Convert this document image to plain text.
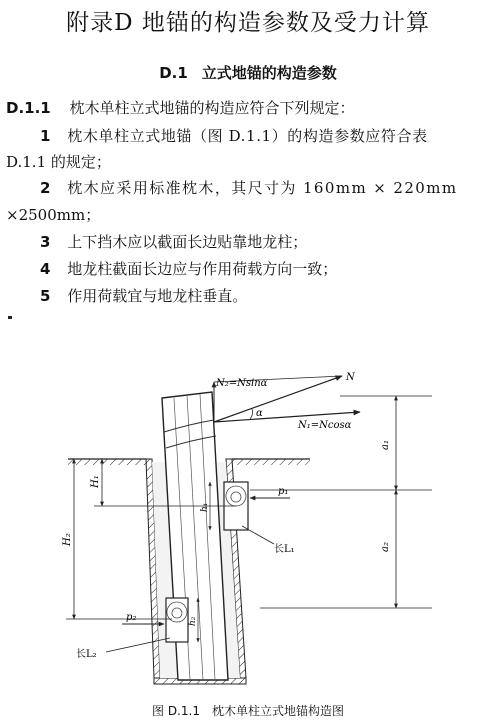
附录D 地锚的构造参数及受力计算
D.1 立式地锚的构造参数
D.1.1 枕木单柱立式地锚的构造应符合下列规定：
1 枕木单柱立式地锚（图 D.1.1）的构造参数应符合表
D.1.1 的规定；
2 枕木应采用标准枕木，其尺寸为 160mm × 220mm
×2500mm；
3 上下挡木应以截面长边贴靠地龙柱；
4 地龙柱截面长边应与作用荷载方向一致；
5 作用荷载宜与地龙柱垂直。
N₂=Nsinα
N
α
N₁=Ncosα
a₁
a₂
H₁
H₂
h₁
h₂
p₁
p₂
长L₁
长L₂
图 D.1.1 枕木单柱立式地锚构造图
